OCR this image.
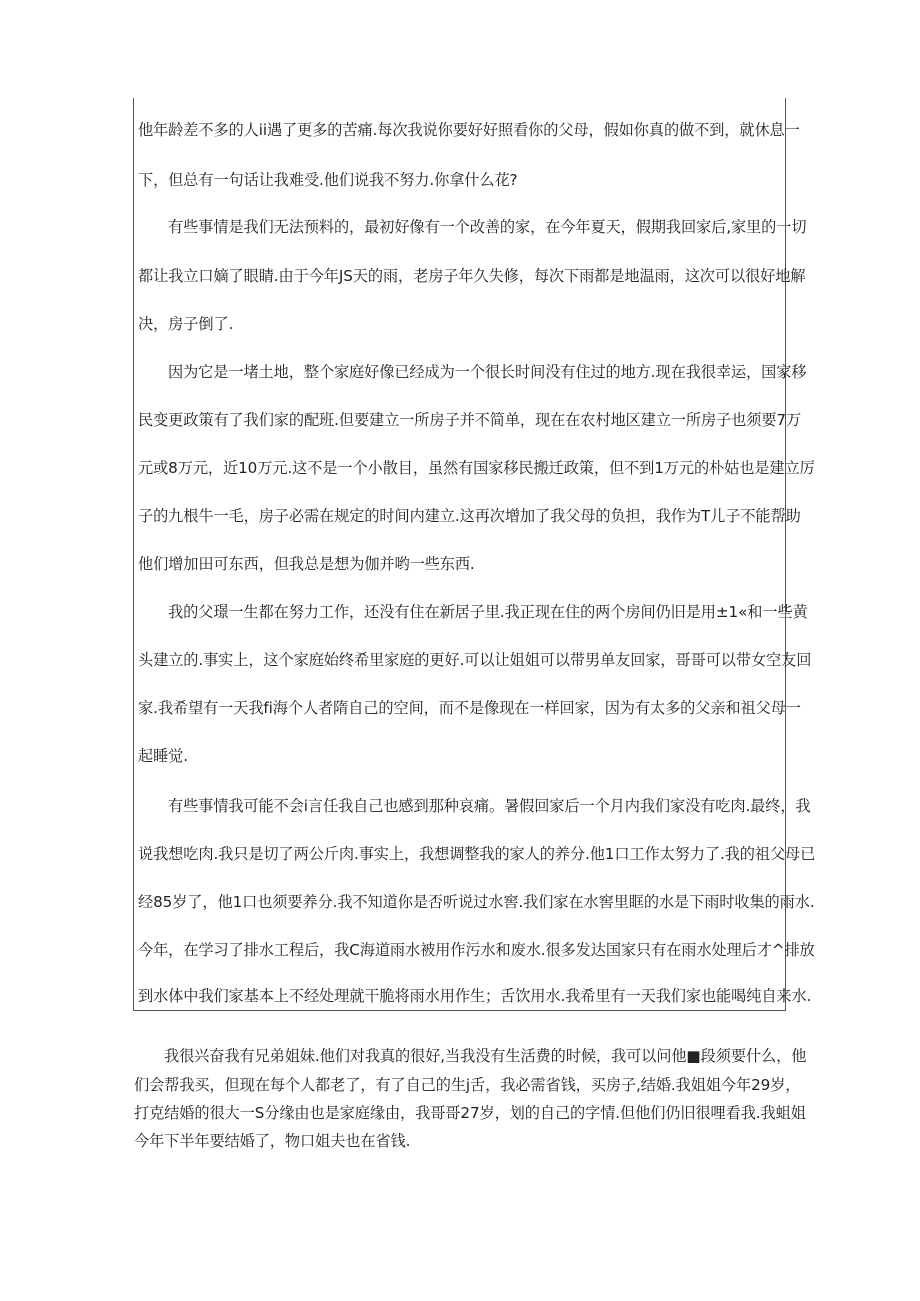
他年龄差不多的人ii遇了更多的苦痛.每次我说你要好好照看你的父母，假如你真的做不到，就休息一

下，但总有一句话让我难受.他们说我不努力.你拿什么花?

有些事情是我们无法预料的，最初好像有一个改善的家，在今年夏天，假期我回家后,家里的一切

都让我立口嫡了眼睛.由于今年JS天的雨，老房子年久失修，每次下雨都是地温雨，这次可以很好地解

决，房子倒了.

因为它是一堵土地，整个家庭好像已经成为一个很长时间没有住过的地方.现在我很幸运，国家移

民变更政策有了我们家的配班.但要建立一所房子并不简单，现在在农村地区建立一所房子也须要7万

元或8万元，近10万元.这不是一个小散目，虽然有国家移民搬迁政策，但不到1万元的朴姑也是建立厉

子的九根牛一毛，房子必需在规定的时间内建立.这再次增加了我父母的负担，我作为T儿子不能帮助

他们增加田可东西，但我总是想为伽并哟一些东西.

我的父璟一生都在努力工作，还没有住在新居子里.我正现在住的两个房间仍旧是用±1«和一些黄

头建立的.事实上，这个家庭始终希里家庭的更好.可以让姐姐可以带男单友回家，哥哥可以带女空友回

家.我希望有一天我fi海个人者隋自己的空间，而不是像现在一样回家，因为有太多的父亲和祖父母一

起睡觉.

有些事情我可能不会i言任我自己也感到那种哀痛。暑假回家后一个月内我们家没有吃肉.最终，我

说我想吃肉.我只是切了两公斤肉.事实上，我想调整我的家人的养分.他1口工作太努力了.我的祖父母已

经85岁了，他1口也须要养分.我不知道你是否听说过水窖.我们家在水窖里眶的水是下雨时收集的雨水.

今年，在学习了排水工程后，我C海道雨水被用作污水和废水.很多发达国家只有在雨水处理后才^排放

到水体中我们家基本上不经处理就干脆将雨水用作生；舌饮用水.我希里有一天我们家也能喝纯自来水.

我很兴奋我有兄弟姐妹.他们对我真的很好,当我没有生活费的时候，我可以问他■段须要什么，他

们会帮我买，但现在每个人都老了，有了自己的生j舌，我必需省钱，买房子,结婚.我姐姐今年29岁，

打克结婚的很大一S分缘由也是家庭缘由，我哥哥27岁，划的自己的字情.但他们仍旧很哩看我.我蛆姐

今年下半年要结婚了，物口姐夫也在省钱.
